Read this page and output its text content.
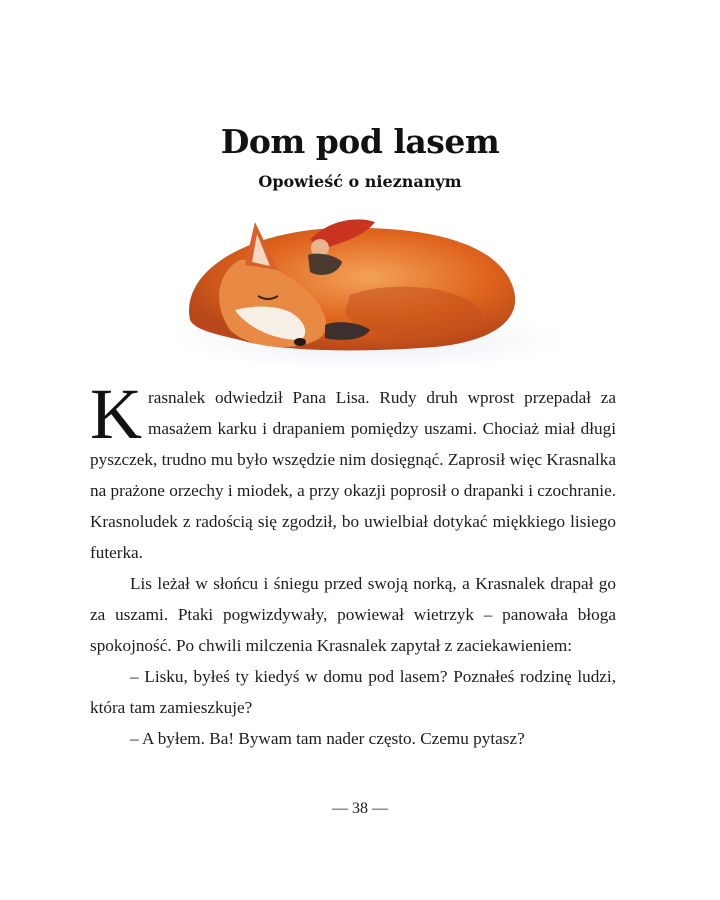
Dom pod lasem
Opowieść o nieznanym

Krasnalek odwiedził Pana Lisa. Rudy druh wprost przepadał za masażem karku i drapaniem pomiędzy uszami. Chociaż miał długi pyszczek, trudno mu było wszędzie nim dosięgnąć. Zaprosił więc Krasnalka na prażone orzechy i miodek, a przy okazji poprosił o drapanki i czochranie. Krasnoludek z radością się zgodził, bo uwielbiał dotykać miękkiego lisiego futerka.

Lis leżał w słońcu i śniegu przed swoją norką, a Krasnalek drapał go za uszami. Ptaki pogwizdywały, powiewał wietrzyk – panowała błoga spokojność. Po chwili milczenia Krasnalek zapytał z zaciekawieniem:

– Lisku, byłeś ty kiedyś w domu pod lasem? Poznałeś rodzinę ludzi, która tam zamieszkuje?

– A byłem. Ba! Bywam tam nader często. Czemu pytasz?

— 38 —
